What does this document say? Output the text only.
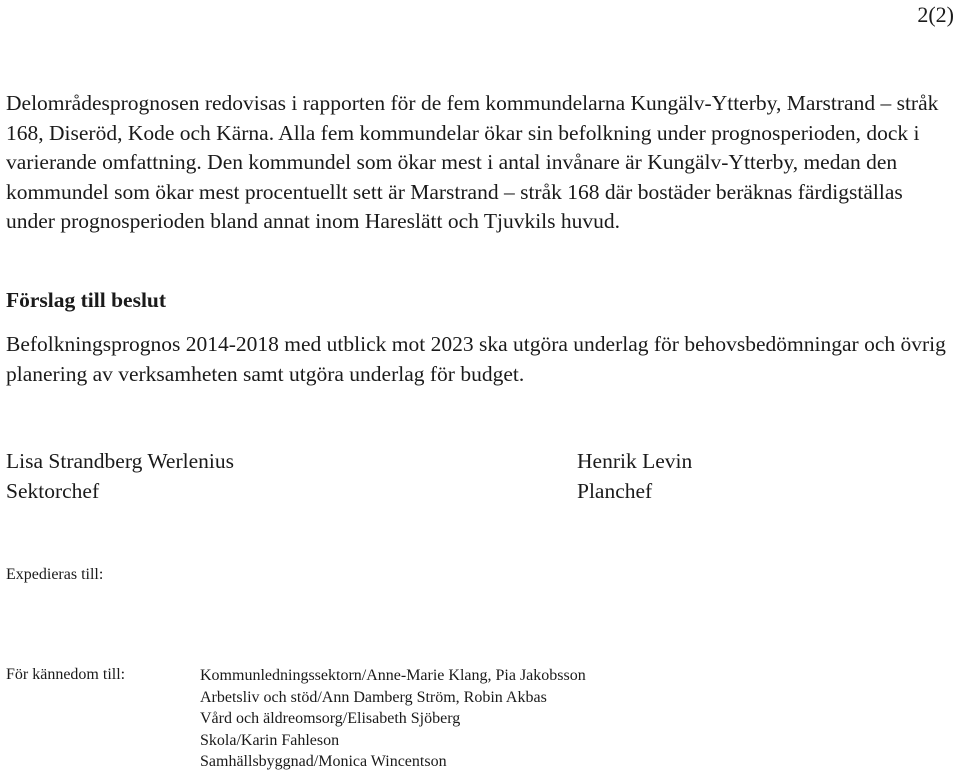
2(2)

Delområdesprognosen redovisas i rapporten för de fem kommundelarna Kungälv-Ytterby, Marstrand – stråk 168, Diseröd, Kode och Kärna. Alla fem kommundelar ökar sin befolkning under prognosperioden, dock i varierande omfattning. Den kommundel som ökar mest i antal invånare är Kungälv-Ytterby, medan den kommundel som ökar mest procentuellt sett är Marstrand – stråk 168 där bostäder beräknas färdigställas under prognosperioden bland annat inom Hareslätt och Tjuvkils huvud.

Förslag till beslut

Befolkningsprognos 2014-2018 med utblick mot 2023 ska utgöra underlag för behovsbedömningar och övrig planering av verksamheten samt utgöra underlag för budget.

Lisa Strandberg Werlenius
Sektorchef
Henrik Levin
Planchef
Expedieras till:
För kännedom till:	Kommunledningssektorn/Anne-Marie Klang, Pia Jakobsson
Arbetsliv och stöd/Ann Damberg Ström, Robin Akbas
Vård och äldreomsorg/Elisabeth Sjöberg
Skola/Karin Fahleson
Samhällsbyggnad/Monica Wincentson
